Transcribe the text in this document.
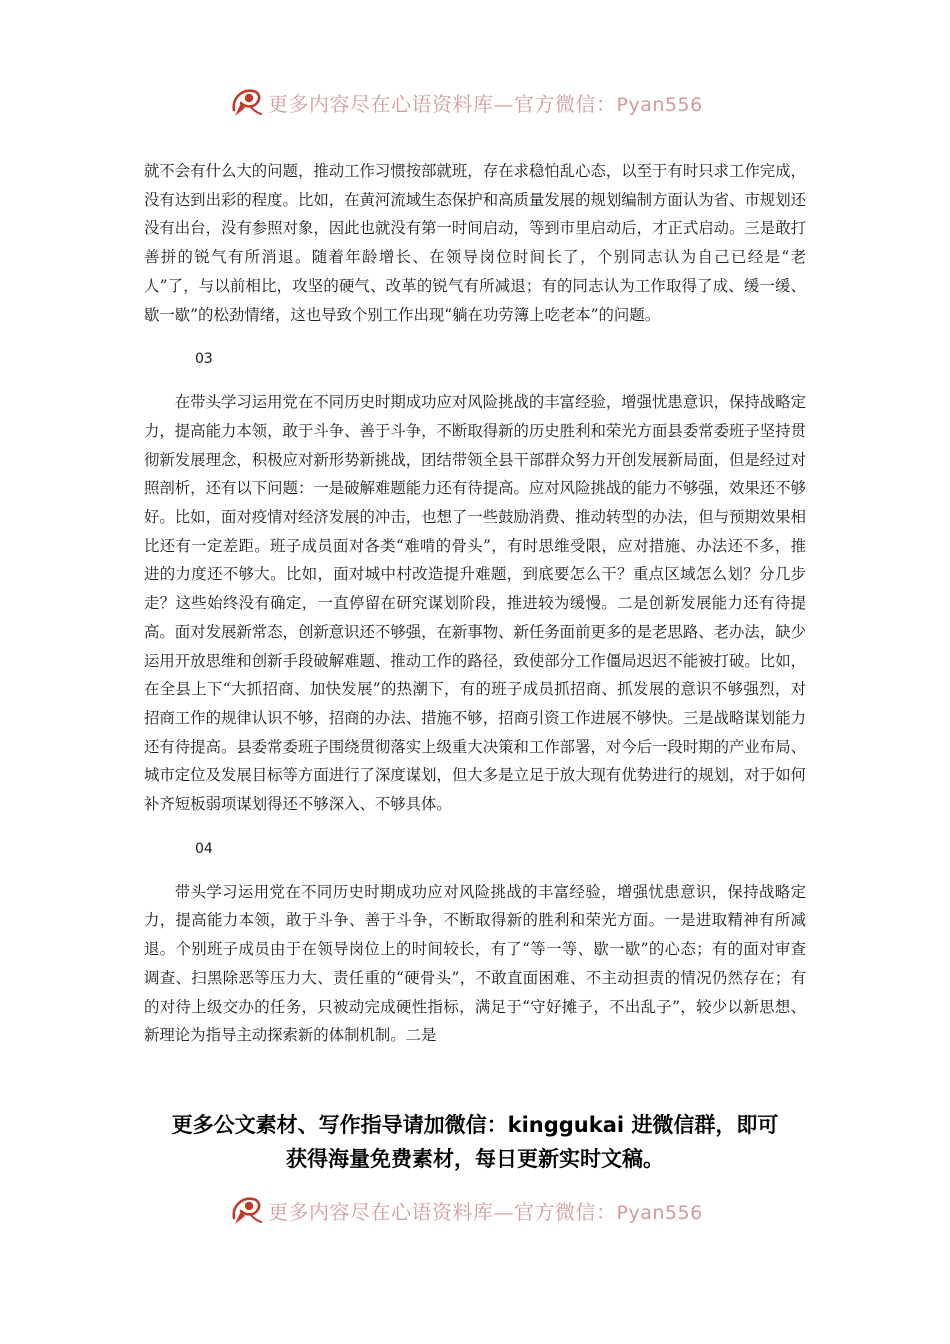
更多内容尽在心语资料库—官方微信：Pyan556

就不会有什么大的问题，推动工作习惯按部就班，存在求稳怕乱心态，以至于有时只求工作完成，没有达到出彩的程度。比如，在黄河流域生态保护和高质量发展的规划编制方面认为省、市规划还没有出台，没有参照对象，因此也就没有第一时间启动，等到市里启动后，才正式启动。三是敢打善拼的锐气有所消退。随着年龄增长、在领导岗位时间长了，个别同志认为自己已经是“老人”了，与以前相比，攻坚的硬气、改革的锐气有所减退；有的同志认为工作取得了成、缓一缓、歇一歇”的松劲情绪，这也导致个别工作出现“躺在功劳簿上吃老本”的问题。

03

在带头学习运用党在不同历史时期成功应对风险挑战的丰富经验，增强忧患意识，保持战略定力，提高能力本领，敢于斗争、善于斗争，不断取得新的历史胜利和荣光方面县委常委班子坚持贯彻新发展理念，积极应对新形势新挑战，团结带领全县干部群众努力开创发展新局面，但是经过对照剖析，还有以下问题：一是破解难题能力还有待提高。应对风险挑战的能力不够强，效果还不够好。比如，面对疫情对经济发展的冲击，也想了一些鼓励消费、推动转型的办法，但与预期效果相比还有一定差距。班子成员面对各类“难啃的骨头”，有时思维受限，应对措施、办法还不多，推进的力度还不够大。比如，面对城中村改造提升难题，到底要怎么干？重点区域怎么划？分几步走？这些始终没有确定，一直停留在研究谋划阶段，推进较为缓慢。二是创新发展能力还有待提高。面对发展新常态，创新意识还不够强，在新事物、新任务面前更多的是老思路、老办法，缺少运用开放思维和创新手段破解难题、推动工作的路径，致使部分工作僵局迟迟不能被打破。比如，在全县上下“大抓招商、加快发展”的热潮下，有的班子成员抓招商、抓发展的意识不够强烈，对招商工作的规律认识不够，招商的办法、措施不够，招商引资工作进展不够快。三是战略谋划能力还有待提高。县委常委班子围绕贯彻落实上级重大决策和工作部署，对今后一段时期的产业布局、城市定位及发展目标等方面进行了深度谋划，但大多是立足于放大现有优势进行的规划，对于如何补齐短板弱项谋划得还不够深入、不够具体。

04

带头学习运用党在不同历史时期成功应对风险挑战的丰富经验，增强忧患意识，保持战略定力，提高能力本领，敢于斗争、善于斗争，不断取得新的胜利和荣光方面。一是进取精神有所减退。个别班子成员由于在领导岗位上的时间较长，有了“等一等、歇一歇”的心态；有的面对审查调查、扫黑除恶等压力大、责任重的“硬骨头”，不敢直面困难、不主动担责的情况仍然存在；有的对待上级交办的任务，只被动完成硬性指标，满足于“守好摊子，不出乱子”，较少以新思想、新理论为指导主动探索新的体制机制。二是

更多公文素材、写作指导请加微信：kinggukai 进微信群，即可
获得海量免费素材，每日更新实时文稿。
更多内容尽在心语资料库—官方微信：Pyan556
